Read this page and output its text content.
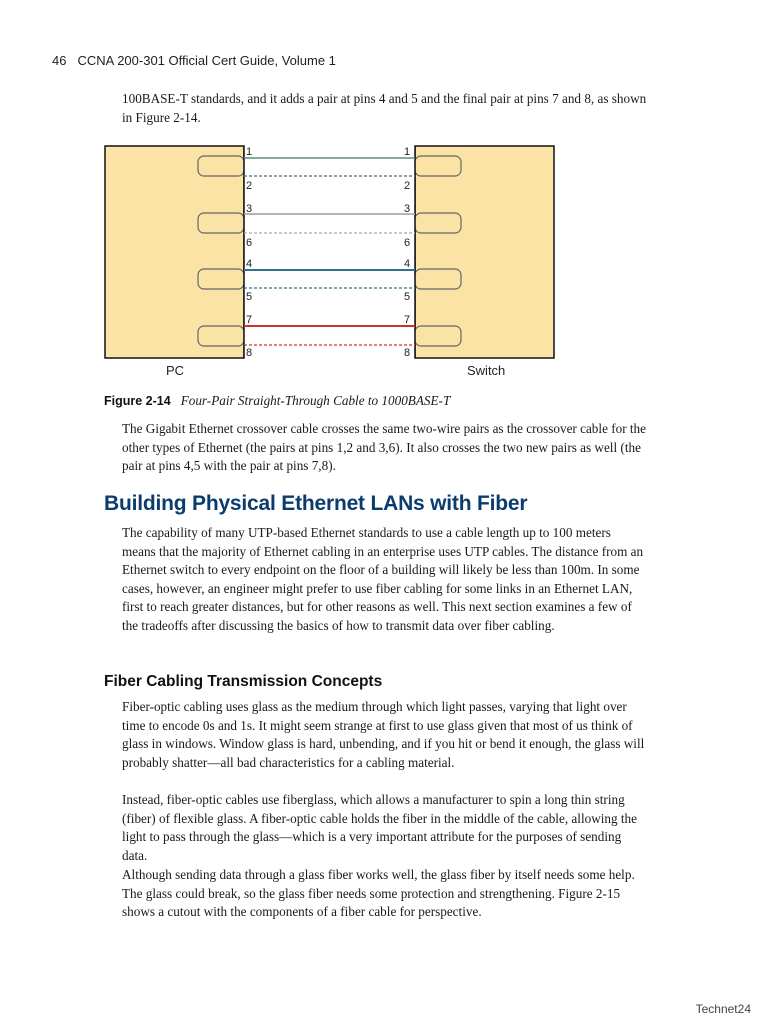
46 CCNA 200-301 Official Cert Guide, Volume 1

100BASE-T standards, and it adds a pair at pins 4 and 5 and the final pair at pins 7 and 8, as shown in Figure 2-14.

1
2
3
6
4
5
7
8
1
2
3
6
4
5
7
8
PC	Switch
Figure 2-14 Four-Pair Straight-Through Cable to 1000BASE-T

The Gigabit Ethernet crossover cable crosses the same two-wire pairs as the crossover cable for the other types of Ethernet (the pairs at pins 1,2 and 3,6). It also crosses the two new pairs as well (the pair at pins 4,5 with the pair at pins 7,8).

Building Physical Ethernet LANs with Fiber

The capability of many UTP-based Ethernet standards to use a cable length up to 100 meters means that the majority of Ethernet cabling in an enterprise uses UTP cables. The distance from an Ethernet switch to every endpoint on the floor of a building will likely be less than 100m. In some cases, however, an engineer might prefer to use fiber cabling for some links in an Ethernet LAN, first to reach greater distances, but for other reasons as well. This next section examines a few of the tradeoffs after discussing the basics of how to transmit data over fiber cabling.

Fiber Cabling Transmission Concepts

Fiber-optic cabling uses glass as the medium through which light passes, varying that light over time to encode 0s and 1s. It might seem strange at first to use glass given that most of us think of glass in windows. Window glass is hard, unbending, and if you hit or bend it enough, the glass will probably shatter—all bad characteristics for a cabling material.

Instead, fiber-optic cables use fiberglass, which allows a manufacturer to spin a long thin string (fiber) of flexible glass. A fiber-optic cable holds the fiber in the middle of the cable, allowing the light to pass through the glass—which is a very important attribute for the purposes of sending data.

Although sending data through a glass fiber works well, the glass fiber by itself needs some help. The glass could break, so the glass fiber needs some protection and strengthening. Figure 2-15 shows a cutout with the components of a fiber cable for perspective.

Technet24
